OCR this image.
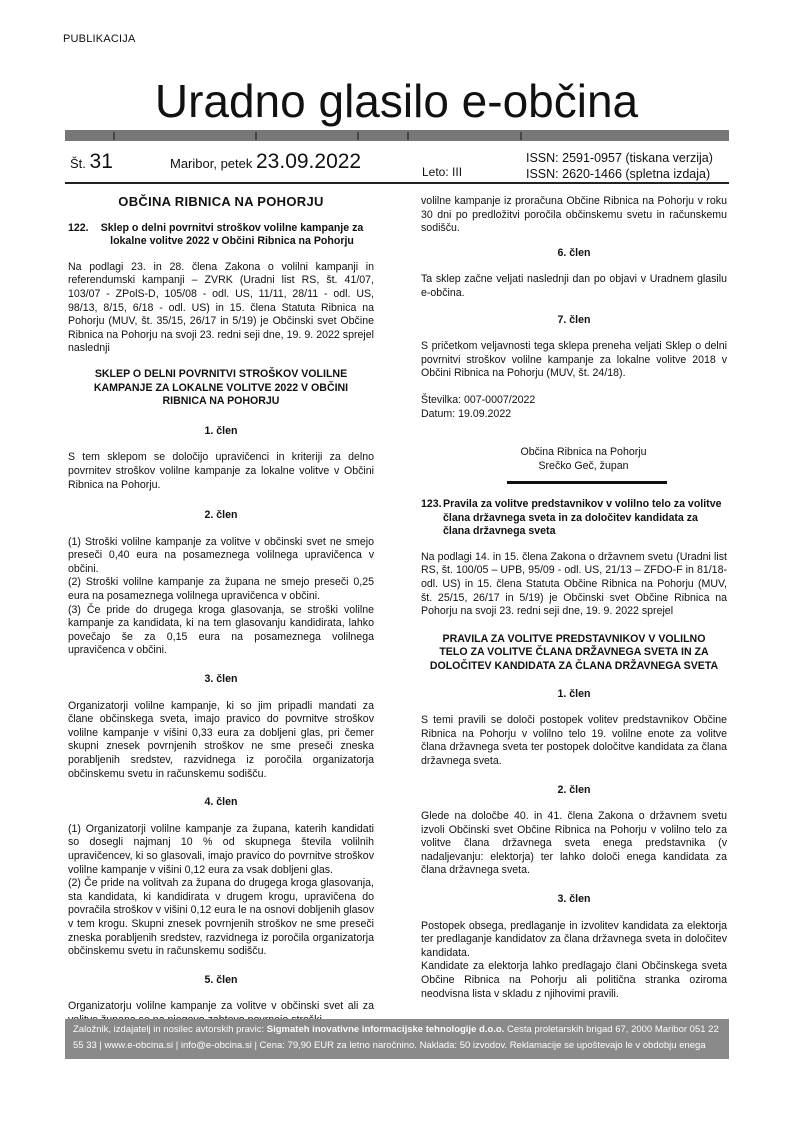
PUBLIKACIJA
Uradno glasilo e-občina
Št. 31	Maribor, petek 23.09.2022	Leto: III
ISSN: 2591-0957 (tiskana verzija)
ISSN: 2620-1466 (spletna izdaja)

OBČINA RIBNICA NA POHORJU

122.	Sklep o delni povrnitvi stroškov volilne kampanje za lokalne volitve 2022 v Občini Ribnica na Pohorju

Na podlagi 23. in 28. člena Zakona o volilni kampanji in referendumski kampanji – ZVRK (Uradni list RS, št. 41/07, 103/07 - ZPolS-D, 105/08 - odl. US, 11/11, 28/11 - odl. US, 98/13, 8/15, 6/18 - odl. US) in 15. člena Statuta Ribnica na Pohorju (MUV, št. 35/15, 26/17 in 5/19) je Občinski svet Občine Ribnica na Pohorju na svoji 23. redni seji dne, 19. 9. 2022 sprejel naslednji

SKLEP O DELNI POVRNITVI STROŠKOV VOLILNE KAMPANJE ZA LOKALNE VOLITVE 2022 V OBČINI RIBNICA NA POHORJU

1. člen

S tem sklepom se določijo upravičenci in kriteriji za delno povrnitev stroškov volilne kampanje za lokalne volitve v Občini Ribnica na Pohorju.

2. člen

(1) Stroški volilne kampanje za volitve v občinski svet ne smejo preseči 0,40 eura na posameznega volilnega upravičenca v občini.

(2) Stroški volilne kampanje za župana ne smejo preseči 0,25 eura na posameznega volilnega upravičenca v občini.

(3) Če pride do drugega kroga glasovanja, se stroški volilne kampanje za kandidata, ki na tem glasovanju kandidirata, lahko povečajo še za 0,15 eura na posameznega volilnega upravičenca v občini.

3. člen

Organizatorji volilne kampanje, ki so jim pripadli mandati za člane občinskega sveta, imajo pravico do povrnitve stroškov volilne kampanje v višini 0,33 eura za dobljeni glas, pri čemer skupni znesek povrnjenih stroškov ne sme preseči zneska porabljenih sredstev, razvidnega iz poročila organizatorja občinskemu svetu in računskemu sodišču.

4. člen

(1) Organizatorji volilne kampanje za župana, katerih kandidati so dosegli najmanj 10 % od skupnega števila volilnih upravičencev, ki so glasovali, imajo pravico do povrnitve stroškov volilne kampanje v višini 0,12 eura za vsak dobljeni glas.

(2) Če pride na volitvah za župana do drugega kroga glasovanja, sta kandidata, ki kandidirata v drugem krogu, upravičena do povračila stroškov v višini 0,12 eura le na osnovi dobljenih glasov v tem krogu. Skupni znesek povrnjenih stroškov ne sme preseči zneska porabljenih sredstev, razvidnega iz poročila organizatorja občinskemu svetu in računskemu sodišču.

5. člen

Organizatorju volilne kampanje za volitve v občinski svet ali za

volilne kampanje iz proračuna Občine Ribnica na Pohorju v roku 30 dni po predložitvi poročila občinskemu svetu in računskemu sodišču.

6. člen

Ta sklep začne veljati naslednji dan po objavi v Uradnem glasilu e-občina.

7. člen

S pričetkom veljavnosti tega sklepa preneha veljati Sklep o delni povrnitvi stroškov volilne kampanje za lokalne volitve 2018 v Občini Ribnica na Pohorju (MUV, št. 24/18).

Številka: 007-0007/2022

Datum: 19.09.2022

Občina Ribnica na Pohorju

Srečko Geč, župan

123. Pravila za volitve predstavnikov v volilno telo za volitve člana državnega sveta in za določitev kandidata za člana državnega sveta

Na podlagi 14. in 15. člena Zakona o državnem svetu (Uradni list RS, št. 100/05 – UPB, 95/09 - odl. US, 21/13 – ZFDO-F in 81/18- odl. US) in 15. člena Statuta Občine Ribnica na Pohorju (MUV, št. 25/15, 26/17 in 5/19) je Občinski svet Občine Ribnica na Pohorju na svoji 23. redni seji dne, 19. 9. 2022 sprejel

PRAVILA ZA VOLITVE PREDSTAVNIKOV V VOLILNO TELO ZA VOLITVE ČLANA DRŽAVNEGA SVETA IN ZA DOLOČITEV KANDIDATA ZA ČLANA DRŽAVNEGA SVETA

1. člen

S temi pravili se določi postopek volitev predstavnikov Občine Ribnica na Pohorju v volilno telo 19. volilne enote za volitve člana državnega sveta ter postopek določitve kandidata za člana državnega sveta.

2. člen

Glede na določbe 40. in 41. člena Zakona o državnem svetu izvoli Občinski svet Občine Ribnica na Pohorju v volilno telo za volitve člana državnega sveta enega predstavnika (v nadaljevanju: elektorja) ter lahko določi enega kandidata za člana državnega sveta.

3. člen

Postopek obsega, predlaganje in izvolitev kandidata za elektorja ter predlaganje kandidatov za člana državnega sveta in določitev kandidata.

Kandidate za elektorja lahko predlagajo člani Občinskega sveta Občine Ribnica na Pohorju ali politična stranka oziroma neodvisna lista v skladu z njihovimi pravili.

Založnik, izdajatelj in nosilec avtorskih pravic: Sigmateh inovativne informacijske tehnologije d.o.o. Cesta proletarskih brigad 67, 2000 Maribor 051 22
55 33 | www.e-obcina.si | info@e-obcina.si | Cena: 79,90 EUR za letno naročnino. Naklada: 50 izvodov. Reklamacije se upoštevajo le v obdobju enega
